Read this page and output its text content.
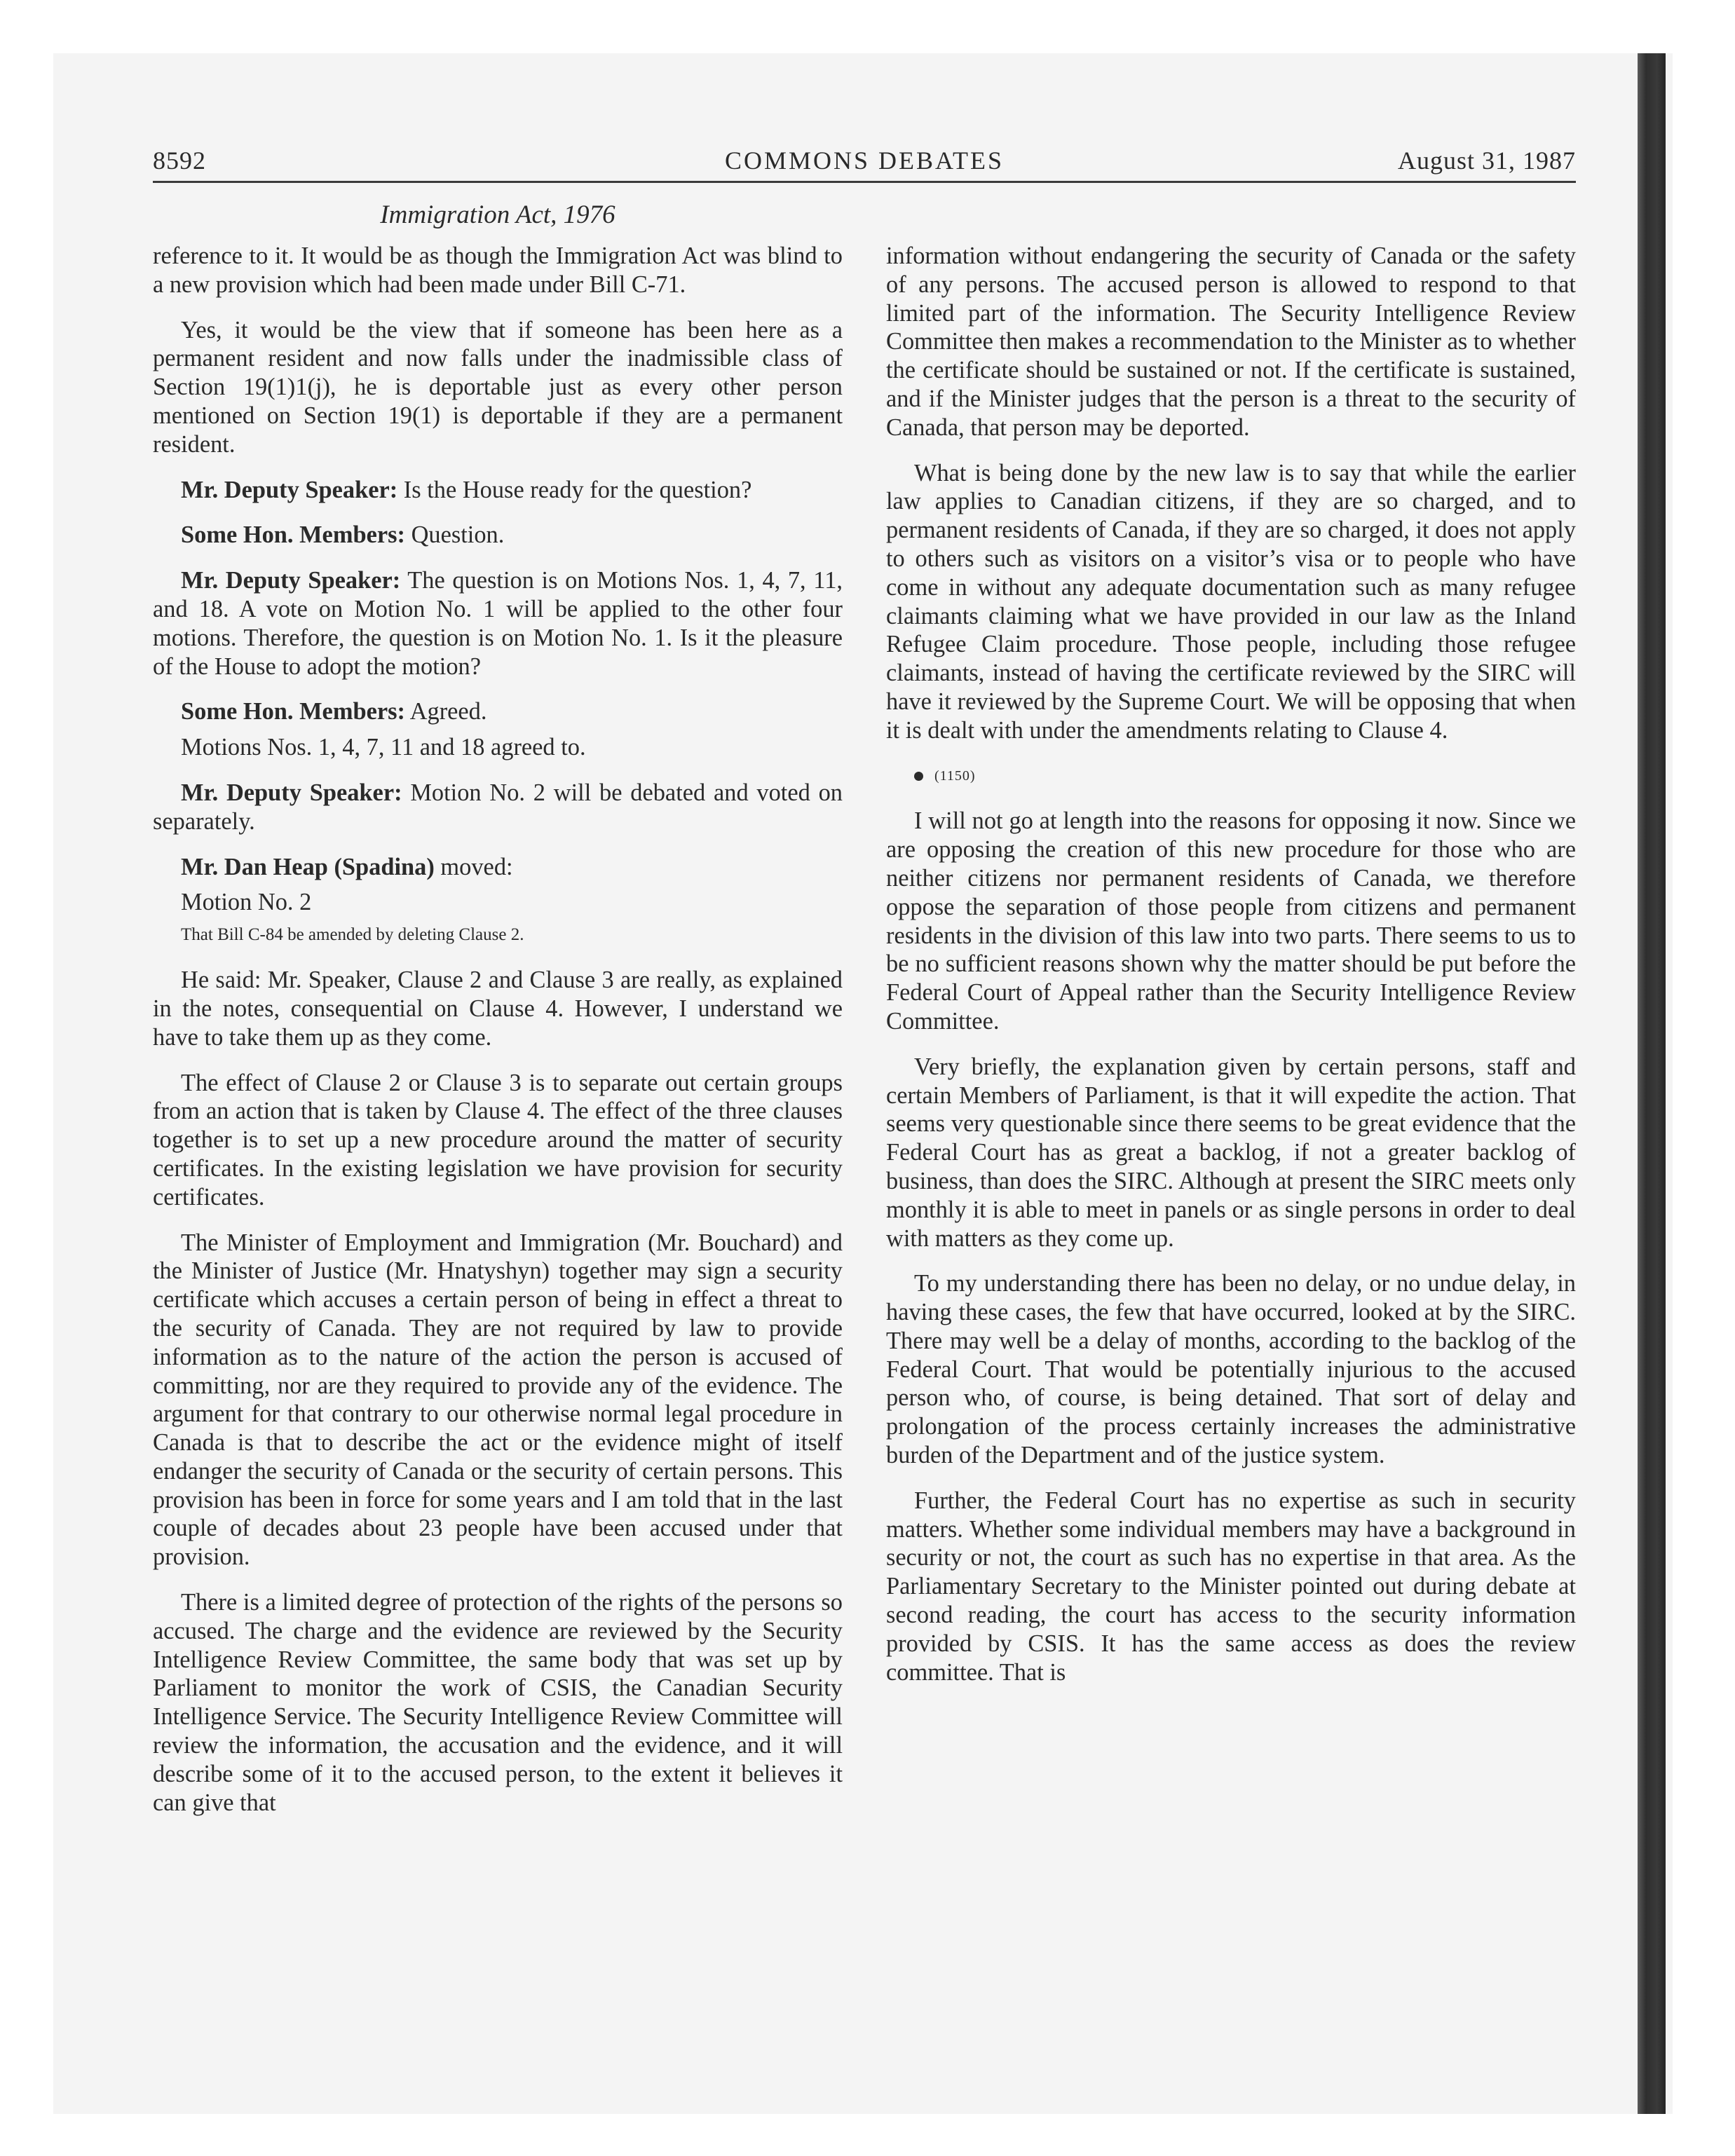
8592	COMMONS DEBATES	August 31, 1987
Immigration Act, 1976

reference to it. It would be as though the Immigration Act was blind to a new provision which had been made under Bill C-71.

Yes, it would be the view that if someone has been here as a permanent resident and now falls under the inadmissible class of Section 19(1)1(j), he is deportable just as every other person mentioned on Section 19(1) is deportable if they are a permanent resident.

Mr. Deputy Speaker: Is the House ready for the question?

Some Hon. Members: Question.

Mr. Deputy Speaker: The question is on Motions Nos. 1, 4, 7, 11, and 18. A vote on Motion No. 1 will be applied to the other four motions. Therefore, the question is on Motion No. 1. Is it the pleasure of the House to adopt the motion?

Some Hon. Members: Agreed.

Motions Nos. 1, 4, 7, 11 and 18 agreed to.

Mr. Deputy Speaker: Motion No. 2 will be debated and voted on separately.

Mr. Dan Heap (Spadina) moved:

Motion No. 2

That Bill C-84 be amended by deleting Clause 2.

He said: Mr. Speaker, Clause 2 and Clause 3 are really, as explained in the notes, consequential on Clause 4. However, I understand we have to take them up as they come.

The effect of Clause 2 or Clause 3 is to separate out certain groups from an action that is taken by Clause 4. The effect of the three clauses together is to set up a new procedure around the matter of security certificates. In the existing legislation we have provision for security certificates.

The Minister of Employment and Immigration (Mr. Bouchard) and the Minister of Justice (Mr. Hnatyshyn) together may sign a security certificate which accuses a certain person of being in effect a threat to the security of Canada. They are not required by law to provide information as to the nature of the action the person is accused of committing, nor are they required to provide any of the evidence. The argument for that contrary to our otherwise normal legal procedure in Canada is that to describe the act or the evidence might of itself endanger the security of Canada or the security of certain persons. This provision has been in force for some years and I am told that in the last couple of decades about 23 people have been accused under that provision.

There is a limited degree of protection of the rights of the persons so accused. The charge and the evidence are reviewed by the Security Intelligence Review Committee, the same body that was set up by Parliament to monitor the work of CSIS, the Canadian Security Intelligence Service. The Security Intelligence Review Committee will review the information, the accusation and the evidence, and it will describe some of it to the accused person, to the extent it believes it can give that

information without endangering the security of Canada or the safety of any persons. The accused person is allowed to respond to that limited part of the information. The Security Intelligence Review Committee then makes a recommendation to the Minister as to whether the certificate should be sustained or not. If the certificate is sustained, and if the Minister judges that the person is a threat to the security of Canada, that person may be deported.

What is being done by the new law is to say that while the earlier law applies to Canadian citizens, if they are so charged, and to permanent residents of Canada, if they are so charged, it does not apply to others such as visitors on a visitor’s visa or to people who have come in without any adequate documentation such as many refugee claimants claiming what we have provided in our law as the Inland Refugee Claim procedure. Those people, including those refugee claimants, instead of having the certificate reviewed by the SIRC will have it reviewed by the Supreme Court. We will be opposing that when it is dealt with under the amendments relating to Clause 4.

(1150)

I will not go at length into the reasons for opposing it now. Since we are opposing the creation of this new procedure for those who are neither citizens nor permanent residents of Canada, we therefore oppose the separation of those people from citizens and permanent residents in the division of this law into two parts. There seems to us to be no sufficient reasons shown why the matter should be put before the Federal Court of Appeal rather than the Security Intelligence Review Committee.

Very briefly, the explanation given by certain persons, staff and certain Members of Parliament, is that it will expedite the action. That seems very questionable since there seems to be great evidence that the Federal Court has as great a backlog, if not a greater backlog of business, than does the SIRC. Although at present the SIRC meets only monthly it is able to meet in panels or as single persons in order to deal with matters as they come up.

To my understanding there has been no delay, or no undue delay, in having these cases, the few that have occurred, looked at by the SIRC. There may well be a delay of months, according to the backlog of the Federal Court. That would be potentially injurious to the accused person who, of course, is being detained. That sort of delay and prolongation of the process certainly increases the administrative burden of the Department and of the justice system.

Further, the Federal Court has no expertise as such in security matters. Whether some individual members may have a background in security or not, the court as such has no expertise in that area. As the Parliamentary Secretary to the Minister pointed out during debate at second reading, the court has access to the security information provided by CSIS. It has the same access as does the review committee. That is
